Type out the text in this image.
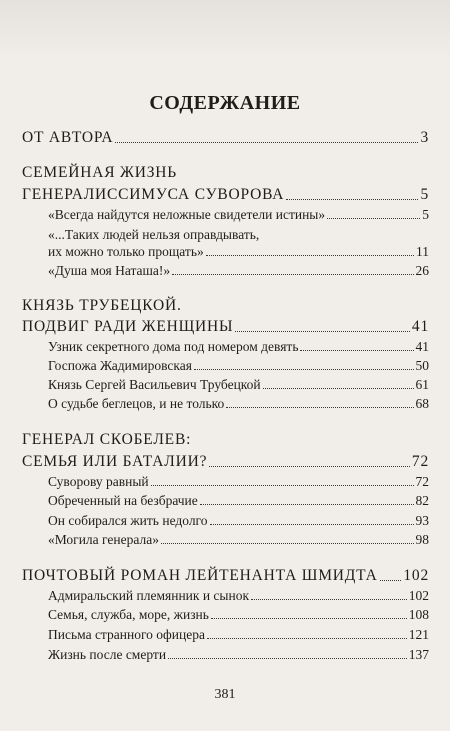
СОДЕРЖАНИЕ
ОТ АВТОРА	3
СЕМЕЙНАЯ ЖИЗНЬ
ГЕНЕРАЛИССИМУСА СУВОРОВА	5
«Всегда найдутся неложные свидетели истины»	5
«...Таких людей нельзя оправдывать,
их можно только прощать»	11
«Душа моя Наташа!»	26
КНЯЗЬ ТРУБЕЦКОЙ.
ПОДВИГ РАДИ ЖЕНЩИНЫ	41
Узник секретного дома под номером девять	41
Госпожа Жадимировская	50
Князь Сергей Васильевич Трубецкой	61
О судьбе беглецов, и не только	68
ГЕНЕРАЛ СКОБЕЛЕВ:
СЕМЬЯ ИЛИ БАТАЛИИ?	72
Суворову равный	72
Обреченный на безбрачие	82
Он собирался жить недолго	93
«Могила генерала»	98
ПОЧТОВЫЙ РОМАН ЛЕЙТЕНАНТА ШМИДТА 102
Адмиральский племянник и сынок	102
Семья, служба, море, жизнь	108
Письма странного офицера	121
Жизнь после смерти	137
381
